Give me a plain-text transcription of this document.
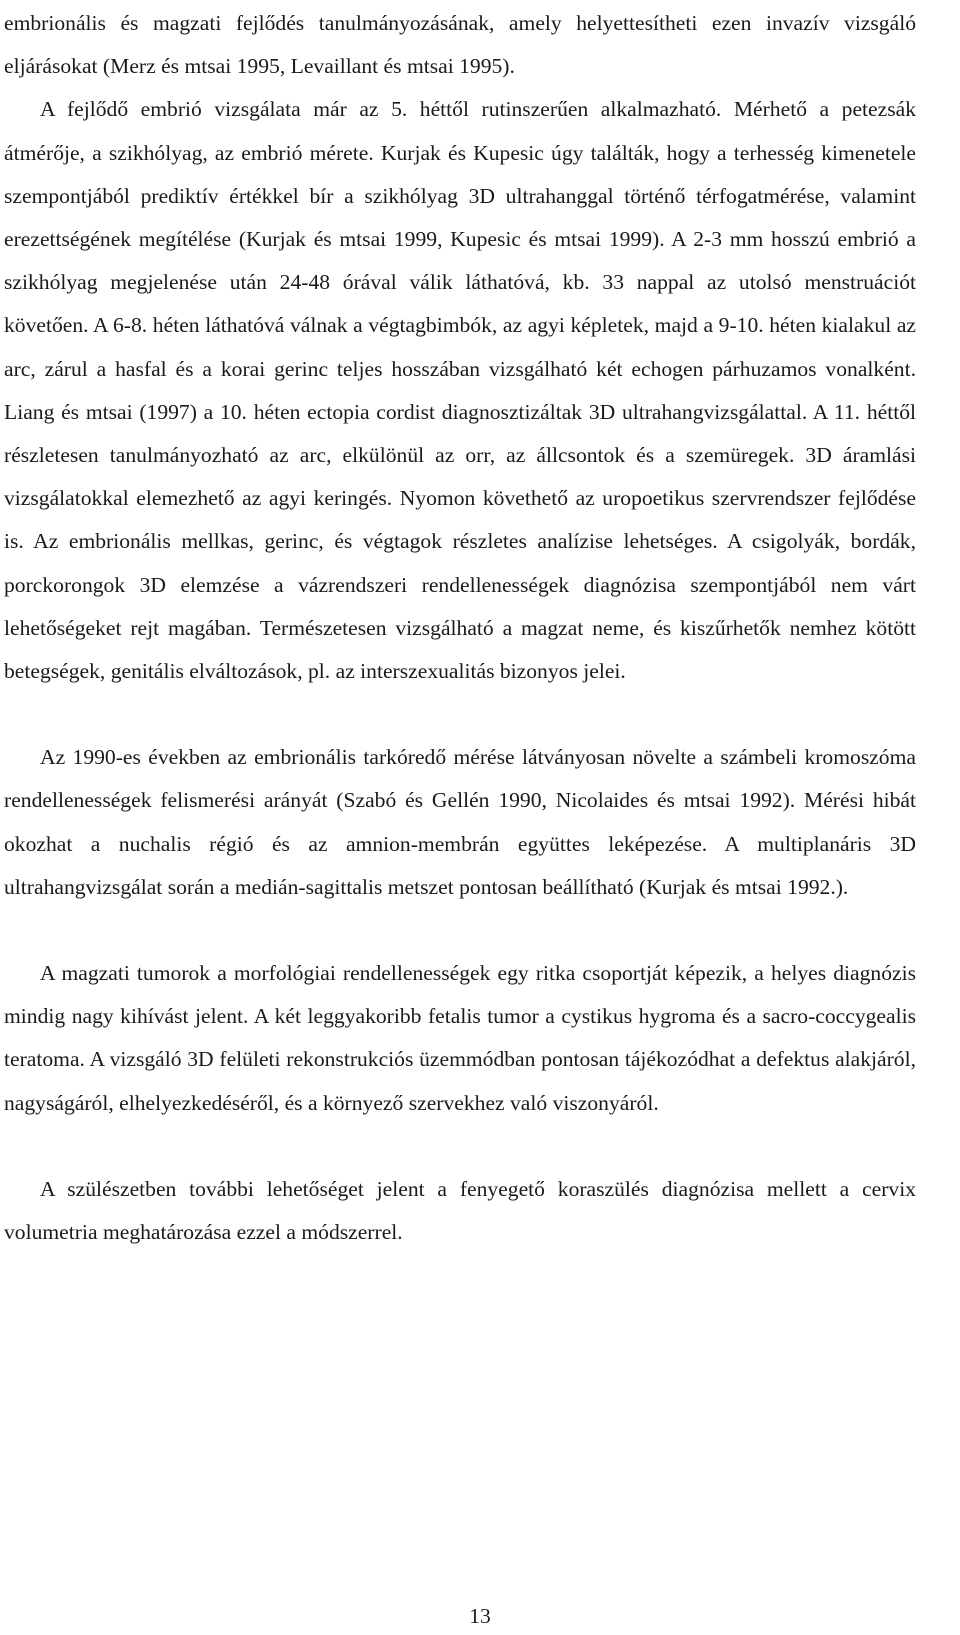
embrionális és magzati fejlődés tanulmányozásának, amely helyettesítheti ezen invazív vizsgáló eljárásokat (Merz és mtsai 1995, Levaillant és mtsai 1995).

A fejlődő embrió vizsgálata már az 5. héttől rutinszerűen alkalmazható. Mérhető a petezsák átmérője, a szikhólyag, az embrió mérete. Kurjak és Kupesic úgy találták, hogy a terhesség kimenetele szempontjából prediktív értékkel bír a szikhólyag 3D ultrahanggal történő térfogatmérése, valamint erezettségének megítélése (Kurjak és mtsai 1999, Kupesic és mtsai 1999). A 2-3 mm hosszú embrió a szikhólyag megjelenése után 24-48 órával válik láthatóvá, kb. 33 nappal az utolsó menstruációt követően. A 6-8. héten láthatóvá válnak a végtagbimbók, az agyi képletek, majd a 9-10. héten kialakul az arc, zárul a hasfal és a korai gerinc teljes hosszában vizsgálható két echogen párhuzamos vonalként. Liang és mtsai (1997) a 10. héten ectopia cordist diagnosztizáltak 3D ultrahangvizsgálattal. A 11. héttől részletesen tanulmányozható az arc, elkülönül az orr, az állcsontok és a szemüregek. 3D áramlási vizsgálatokkal elemezhető az agyi keringés. Nyomon követhető az uropoetikus szervrendszer fejlődése is. Az embrionális mellkas, gerinc, és végtagok részletes analízise lehetséges. A csigolyák, bordák, porckorongok 3D elemzése a vázrendszeri rendellenességek diagnózisa szempontjából nem várt lehetőségeket rejt magában. Természetesen vizsgálható a magzat neme, és kiszűrhetők nemhez kötött betegségek, genitális elváltozások, pl. az interszexualitás bizonyos jelei.

Az 1990-es években az embrionális tarkóredő mérése látványosan növelte a számbeli kromoszóma rendellenességek felismerési arányát (Szabó és Gellén 1990, Nicolaides és mtsai 1992). Mérési hibát okozhat a nuchalis régió és az amnion-membrán együttes leképezése. A multiplanáris 3D ultrahangvizsgálat során a medián-sagittalis metszet pontosan beállítható (Kurjak és mtsai 1992.).

A magzati tumorok a morfológiai rendellenességek egy ritka csoportját képezik, a helyes diagnózis mindig nagy kihívást jelent. A két leggyakoribb fetalis tumor a cystikus hygroma és a sacro-coccygealis teratoma. A vizsgáló 3D felületi rekonstrukciós üzemmódban pontosan tájékozódhat a defektus alakjáról, nagyságáról, elhelyezkedéséről, és a környező szervekhez való viszonyáról.

A szülészetben további lehetőséget jelent a fenyegető koraszülés diagnózisa mellett a cervix volumetria meghatározása ezzel a módszerrel.

13
